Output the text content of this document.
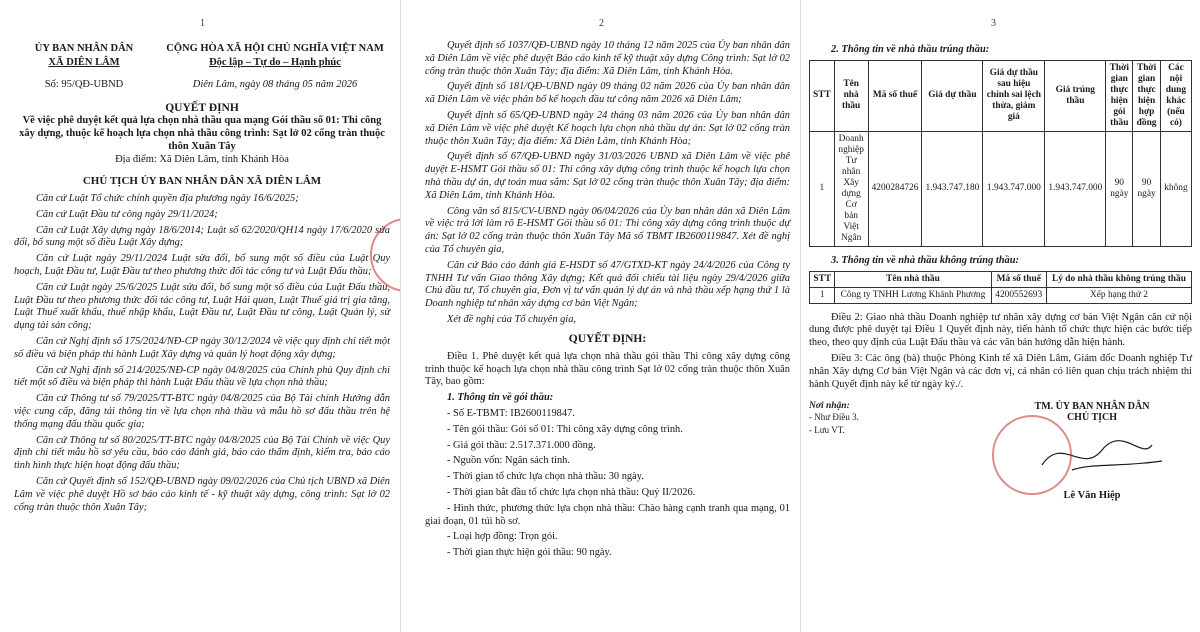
1

ỦY BAN NHÂN DÂN

XÃ DIÊN LÂM

Số: 95/QĐ-UBND

CỘNG HÒA XÃ HỘI CHỦ NGHĨA VIỆT NAM

Độc lập – Tự do – Hạnh phúc

Diên Lâm, ngày 08 tháng 05 năm 2026

QUYẾT ĐỊNH

Về việc phê duyệt kết quả lựa chọn nhà thầu qua mạng Gói thầu số 01: Thi công xây dựng, thuộc kế hoạch lựa chọn nhà thầu công trình: Sạt lở 02 cống tràn thuộc thôn Xuân Tây

Địa điểm: Xã Diên Lâm, tỉnh Khánh Hòa

CHỦ TỊCH ỦY BAN NHÂN DÂN XÃ DIÊN LÂM

Căn cứ Luật Tổ chức chính quyền địa phương ngày 16/6/2025;

Căn cứ Luật Đầu tư công ngày 29/11/2024;

Căn cứ Luật Xây dựng ngày 18/6/2014; Luật số 62/2020/QH14 ngày 17/6/2020 sửa đổi, bổ sung một số điều Luật Xây dựng;

Căn cứ Luật ngày 29/11/2024 Luật sửa đổi, bổ sung một số điều của Luật Quy hoạch, Luật Đầu tư, Luật Đầu tư theo phương thức đối tác công tư và Luật Đấu thầu;

Căn cứ Luật ngày 25/6/2025 Luật sửa đổi, bổ sung một số điều của Luật Đấu thầu, Luật Đầu tư theo phương thức đối tác công tư, Luật Hải quan, Luật Thuế giá trị gia tăng, Luật Thuế xuất khẩu, thuế nhập khẩu, Luật Đầu tư, Luật Đầu tư công, Luật Quản lý, sử dụng tài sản công;

Căn cứ Nghị định số 175/2024/NĐ-CP ngày 30/12/2024 về việc quy định chi tiết một số điều và biện pháp thi hành Luật Xây dựng và quản lý hoạt động xây dựng;

Căn cứ Nghị định số 214/2025/NĐ-CP ngày 04/8/2025 của Chính phủ Quy định chi tiết một số điều và biện pháp thi hành Luật Đấu thầu về lựa chọn nhà thầu;

Căn cứ Thông tư số 79/2025/TT-BTC ngày 04/8/2025 của Bộ Tài chính Hướng dẫn việc cung cấp, đăng tải thông tin về lựa chọn nhà thầu và mẫu hồ sơ đấu thầu trên hệ thống mạng đấu thầu quốc gia;

Căn cứ Thông tư số 80/2025/TT-BTC ngày 04/8/2025 của Bộ Tài Chính về việc Quy định chi tiết mẫu hồ sơ yêu cầu, báo cáo đánh giá, báo cáo thẩm định, kiểm tra, báo cáo tình hình thực hiện hoạt động đấu thầu;

Căn cứ Quyết định số 152/QĐ-UBND ngày 09/02/2026 của Chủ tịch UBND xã Diên Lâm về việc phê duyệt Hồ sơ báo cáo kinh tế - kỹ thuật xây dựng, công trình: Sạt lở 02 cống tràn thuộc thôn Xuân Tây;

2

Quyết định số 1037/QĐ-UBND ngày 10 tháng 12 năm 2025 của Ủy ban nhân dân xã Diên Lâm về việc phê duyệt Báo cáo kinh tế kỹ thuật xây dựng Công trình: Sạt lở 02 cống tràn thuộc thôn Xuân Tây; địa điểm: Xã Diên Lâm, tỉnh Khánh Hòa.

Quyết định số 181/QĐ-UBND ngày 09 tháng 02 năm 2026 của Ủy ban nhân dân xã Diên Lâm về việc phân bổ kế hoạch đầu tư công năm 2026 xã Diên Lâm;

Quyết định số 65/QĐ-UBND ngày 24 tháng 03 năm 2026 của Ủy ban nhân dân xã Diên Lâm về việc phê duyệt Kế hoạch lựa chọn nhà thầu dự án: Sạt lở 02 cống tràn thuộc thôn Xuân Tây; địa điểm: Xã Diên Lâm, tỉnh Khánh Hòa;

Quyết định số 67/QĐ-UBND ngày 31/03/2026 UBND xã Diên Lâm về việc phê duyệt E-HSMT Gói thầu số 01: Thi công xây dựng công trình thuộc kế hoạch lựa chọn nhà thầu dự án, dự toán mua sắm: Sạt lở 02 cống tràn thuộc thôn Xuân Tây; địa điểm: Xã Diên Lâm, tỉnh Khánh Hòa.

Công văn số 815/CV-UBND ngày 06/04/2026 của Ủy ban nhân dân xã Diên Lâm về việc trả lời làm rõ E-HSMT Gói thầu số 01: Thi công xây dựng công trình thuộc dự án: Sạt lở 02 cống tràn thuộc thôn Xuân Tây Mã số TBMT IB2600119847. Xét đề nghị của Tổ chuyên gia,

Căn cứ Báo cáo đánh giá E-HSDT số 47/GTXD-KT ngày 24/4/2026 của Công ty TNHH Tư vấn Giao thông Xây dựng; Kết quả đối chiếu tài liệu ngày 29/4/2026 giữa Chủ đầu tư, Tổ chuyên gia, Đơn vị tư vấn quản lý dự án và nhà thầu xếp hạng thứ 1 là Doanh nghiệp tư nhân xây dựng cơ bản Việt Ngân;

Xét đề nghị của Tổ chuyên gia,

QUYẾT ĐỊNH:

Điều 1. Phê duyệt kết quả lựa chọn nhà thầu gói thầu Thi công xây dựng công trình thuộc kế hoạch lựa chọn nhà thầu công trình Sạt lở 02 cống tràn thuộc thôn Xuân Tây, bao gồm:

1. Thông tin về gói thầu:

- Số E-TBMT: IB2600119847.

- Tên gói thầu: Gói số 01: Thi công xây dựng công trình.

- Giá gói thầu: 2.517.371.000 đồng.

- Nguồn vốn: Ngân sách tỉnh.

- Thời gian tổ chức lựa chọn nhà thầu: 30 ngày.

- Thời gian bắt đầu tổ chức lựa chọn nhà thầu: Quý II/2026.

- Hình thức, phương thức lựa chọn nhà thầu: Chào hàng cạnh tranh qua mạng, 01 giai đoạn, 01 túi hồ sơ.

- Loại hợp đồng: Trọn gói.

- Thời gian thực hiện gói thầu: 90 ngày.

3

2. Thông tin về nhà thầu trúng thầu:

STT	Tên nhà thầu	Mã số thuế	Giá dự thầu	Giá dự thầu sau hiệu chỉnh sai lệch thừa, giảm giá	Giá trúng thầu	Thời gian thực hiện gói thầu	Thời gian thực hiện hợp đồng	Các nội dung khác (nếu có)
1	Doanh nghiệp Tư nhân Xây dựng Cơ bản Việt Ngân	4200284726	1.943.747.180	1.943.747.000	1.943.747.000	90 ngày	90 ngày	không

3. Thông tin về nhà thầu không trúng thầu:

STT	Tên nhà thầu	Mã số thuế	Lý do nhà thầu không trúng thầu
1	Công ty TNHH Lương Khánh Phương	4200552693	Xếp hạng thứ 2

Điều 2: Giao nhà thầu Doanh nghiệp tư nhân xây dựng cơ bản Việt Ngân căn cứ nội dung được phê duyệt tại Điều 1 Quyết định này, tiến hành tổ chức thực hiện các bước tiếp theo, theo quy định của Luật Đấu thầu và các văn bản hướng dẫn hiện hành.

Điều 3: Các ông (bà) thuộc Phòng Kinh tế xã Diên Lâm, Giám đốc Doanh nghiệp Tư nhân Xây dựng Cơ bản Việt Ngân và các đơn vị, cá nhân có liên quan chịu trách nhiệm thi hành Quyết định này kể từ ngày ký./.

Nơi nhận:

- Như Điều 3.

- Lưu VT.

TM. ỦY BAN NHÂN DÂN

CHỦ TỊCH

Lê Văn Hiệp
